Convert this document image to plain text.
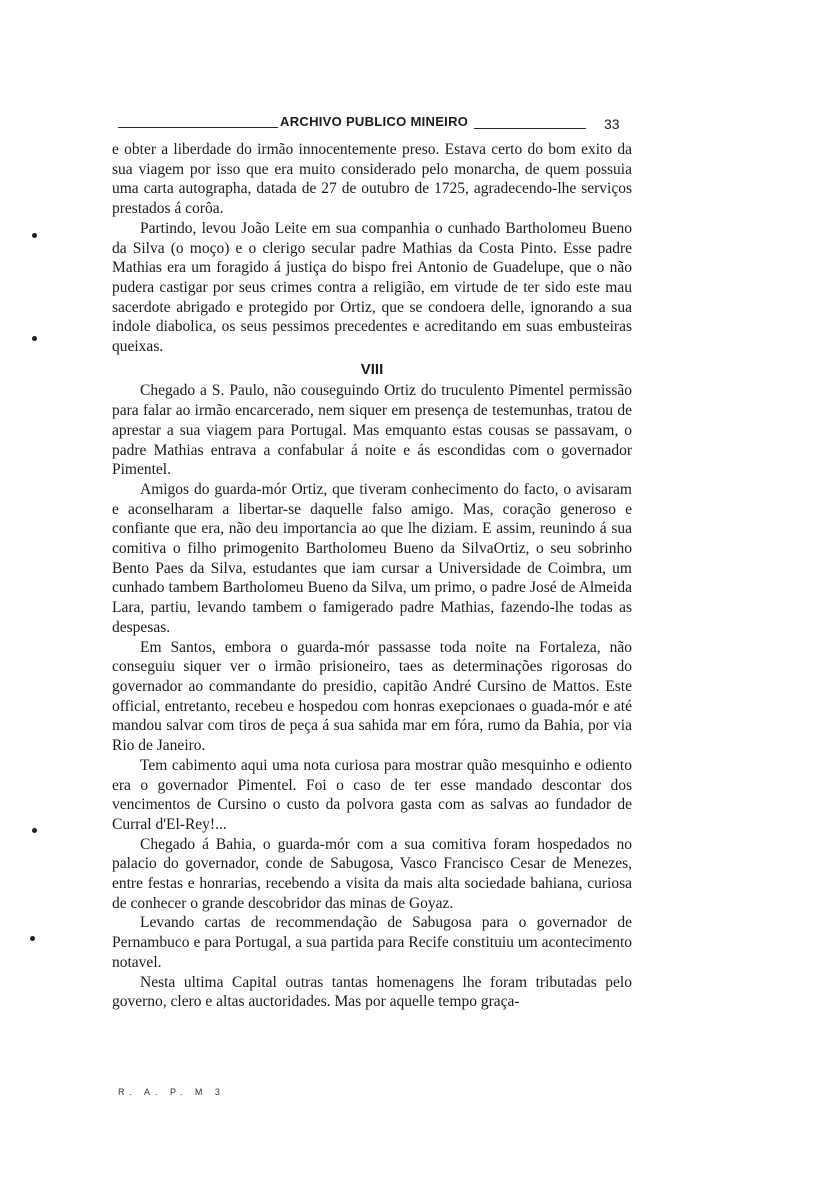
ARCHIVO PUBLICO MINEIRO	33

e obter a liberdade do irmão innocentemente preso. Estava certo do bom exito da sua viagem por isso que era muito considerado pelo monarcha, de quem possuia uma carta autographa, datada de 27 de outubro de 1725, agradecendo-lhe serviços prestados á corôa.

Partindo, levou João Leite em sua companhia o cunhado Bartholomeu Bueno da Silva (o moço) e o clerigo secular padre Mathias da Costa Pinto. Esse padre Mathias era um foragido á justiça do bispo frei Antonio de Guadelupe, que o não pudera castigar por seus crimes contra a religião, em virtude de ter sido este mau sacerdote abrigado e protegido por Ortiz, que se condoera delle, ignorando a sua indole diabolica, os seus pessimos precedentes e acreditando em suas embusteiras queixas.

VIII

Chegado a S. Paulo, não couseguindo Ortiz do truculento Pimentel permissão para falar ao irmão encarcerado, nem siquer em presença de testemunhas, tratou de aprestar a sua viagem para Portugal. Mas emquanto estas cousas se passavam, o padre Mathias entrava a confabular á noite e ás escondidas com o governador Pimentel.

Amigos do guarda-mór Ortiz, que tiveram conhecimento do facto, o avisaram e aconselharam a libertar-se daquelle falso amigo. Mas, coração generoso e confiante que era, não deu importancia ao que lhe diziam. E assim, reunindo á sua comitiva o filho primogenito Bartholomeu Bueno da SilvaOrtiz, o seu sobrinho Bento Paes da Silva, estudantes que iam cursar a Universidade de Coimbra, um cunhado tambem Bartholomeu Bueno da Silva, um primo, o padre José de Almeida Lara, partiu, levando tambem o famigerado padre Mathias, fazendo-lhe todas as despesas.

Em Santos, embora o guarda-mór passasse toda noite na Fortaleza, não conseguiu siquer ver o irmão prisioneiro, taes as determinações rigorosas do governador ao commandante do presidio, capitão André Cursino de Mattos. Este official, entretanto, recebeu e hospedou com honras exepcionaes o guada-mór e até mandou salvar com tiros de peça á sua sahida mar em fóra, rumo da Bahia, por via Rio de Janeiro.

Tem cabimento aqui uma nota curiosa para mostrar quão mesquinho e odiento era o governador Pimentel. Foi o caso de ter esse mandado descontar dos vencimentos de Cursino o custo da polvora gasta com as salvas ao fundador de Curral d'El-Rey!...

Chegado á Bahia, o guarda-mór com a sua comitiva foram hospedados no palacio do governador, conde de Sabugosa, Vasco Francisco Cesar de Menezes, entre festas e honrarias, recebendo a visita da mais alta sociedade bahiana, curiosa de conhecer o grande descobridor das minas de Goyaz.

Levando cartas de recommendação de Sabugosa para o governador de Pernambuco e para Portugal, a sua partida para Recife constituiu um acontecimento notavel.

Nesta ultima Capital outras tantas homenagens lhe foram tributadas pelo governo, clero e altas auctoridades. Mas por aquelle tempo graça-

R. A. P. M 3
